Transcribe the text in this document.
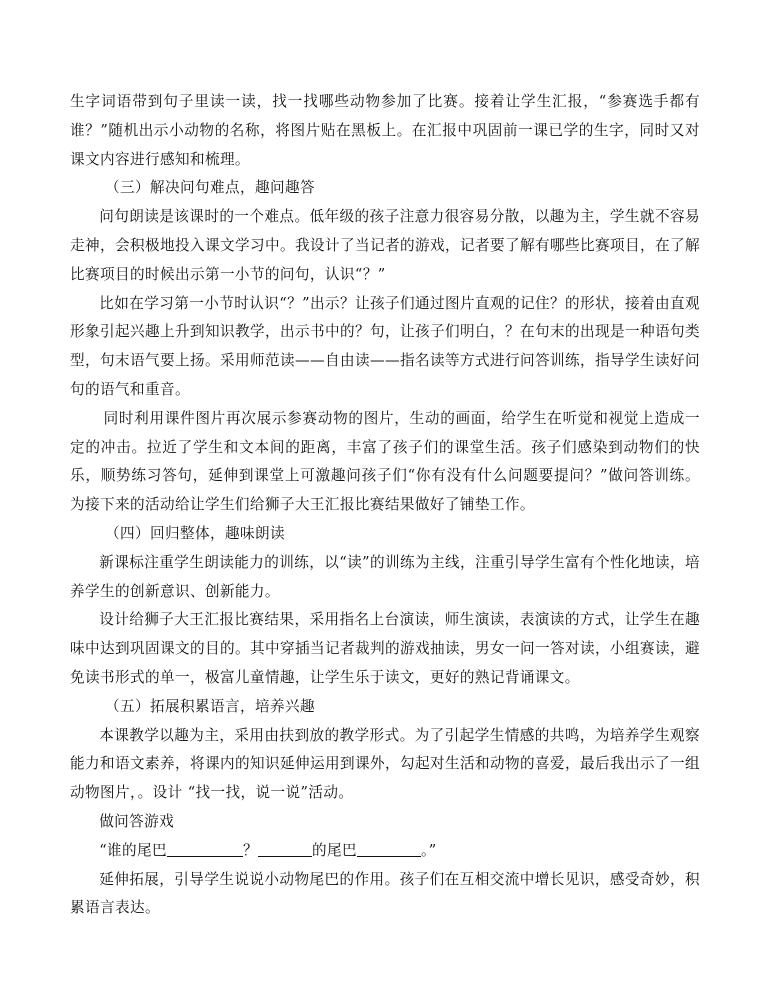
生字词语带到句子里读一读，找一找哪些动物参加了比赛。接着让学生汇报，“参赛选手都有谁？”随机出示小动物的名称，将图片贴在黑板上。在汇报中巩固前一课已学的生字，同时又对课文内容进行感知和梳理。

（三）解决问句难点，趣问趣答

问句朗读是该课时的一个难点。低年级的孩子注意力很容易分散，以趣为主，学生就不容易走神，会积极地投入课文学习中。我设计了当记者的游戏，记者要了解有哪些比赛项目，在了解比赛项目的时候出示第一小节的问句，认识“？”

比如在学习第一小节时认识“？”出示？让孩子们通过图片直观的记住？的形状，接着由直观形象引起兴趣上升到知识教学，出示书中的？句，让孩子们明白，？在句末的出现是一种语句类型，句末语气要上扬。采用师范读——自由读——指名读等方式进行问答训练，指导学生读好问句的语气和重音。

同时利用课件图片再次展示参赛动物的图片，生动的画面，给学生在听觉和视觉上造成一定的冲击。拉近了学生和文本间的距离，丰富了孩子们的课堂生活。孩子们感染到动物们的快乐，顺势练习答句，延伸到课堂上可激趣问孩子们“你有没有什么问题要提问？”做问答训练。为接下来的活动给让学生们给狮子大王汇报比赛结果做好了铺垫工作。

（四）回归整体，趣味朗读

新课标注重学生朗读能力的训练，以“读”的训练为主线，注重引导学生富有个性化地读，培养学生的创新意识、创新能力。

设计给狮子大王汇报比赛结果，采用指名上台演读，师生演读，表演读的方式，让学生在趣味中达到巩固课文的目的。其中穿插当记者裁判的游戏抽读，男女一问一答对读，小组赛读，避免读书形式的单一，极富儿童情趣，让学生乐于读文，更好的熟记背诵课文。

（五）拓展积累语言，培养兴趣

本课教学以趣为主，采用由扶到放的教学形式。为了引起学生情感的共鸣，为培养学生观察能力和语文素养，将课内的知识延伸运用到课外，勾起对生活和动物的喜爱，最后我出示了一组动物图片，。设计 “找一找，说一说”活动。

做问答游戏

“谁的尾巴	？	的尾巴	。”

延伸拓展，引导学生说说小动物尾巴的作用。孩子们在互相交流中增长见识，感受奇妙，积累语言表达。
